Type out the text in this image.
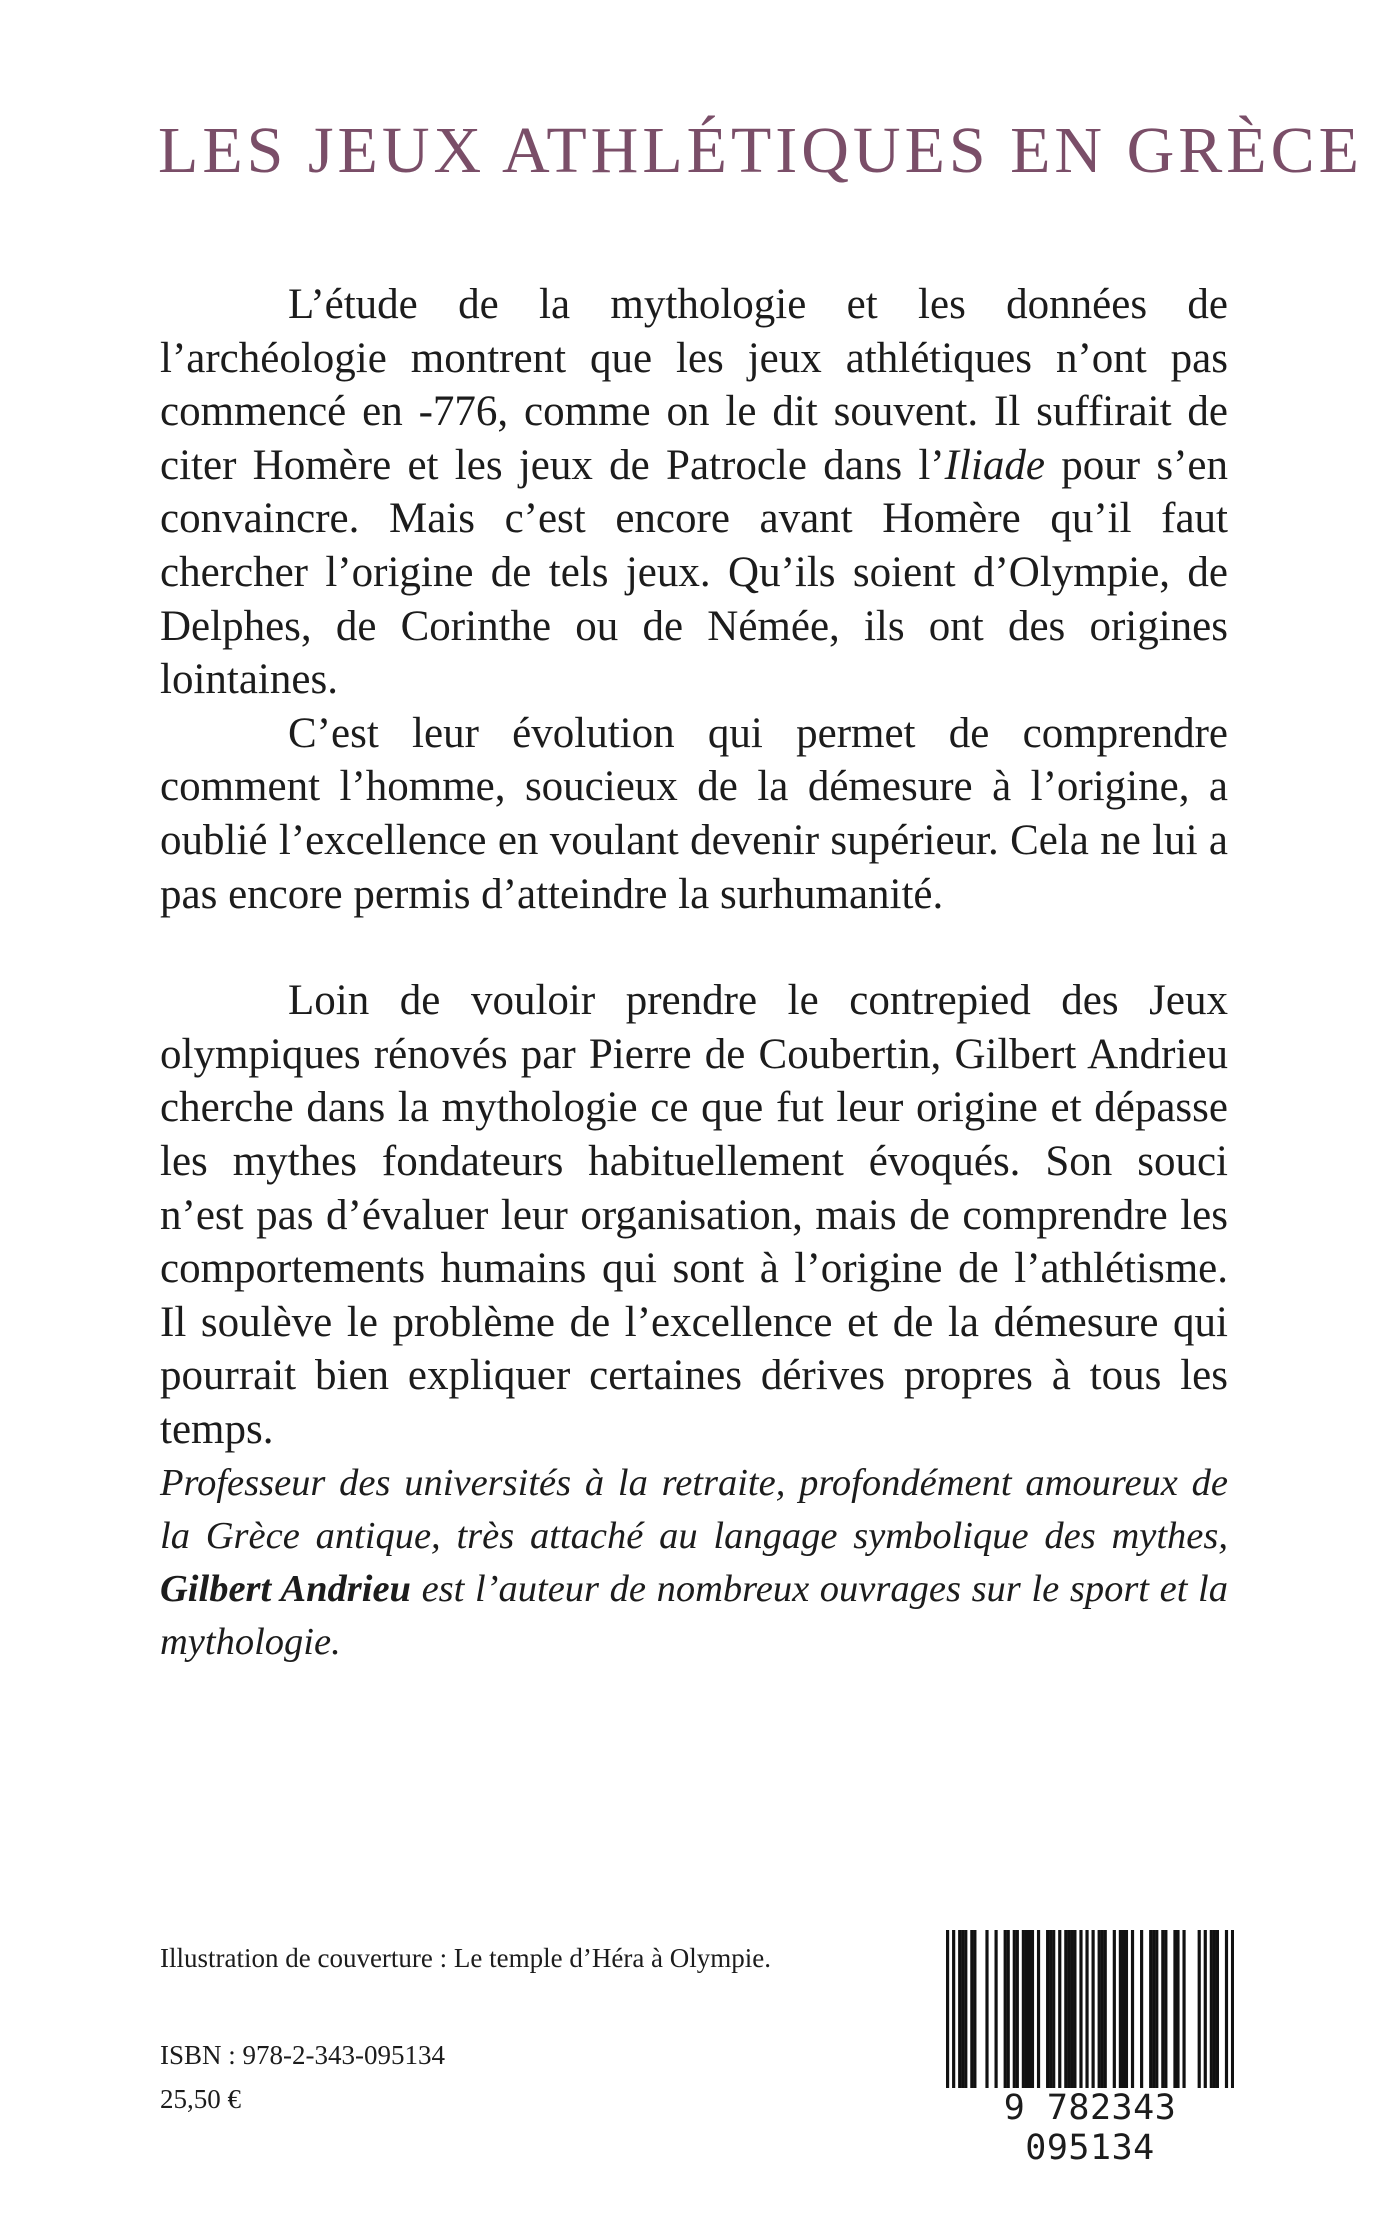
LES JEUX ATHLÉTIQUES EN GRÈCE

L’étude de la mythologie et les données de l’archéologie montrent que les jeux athlétiques n’ont pas commencé en -776, comme on le dit souvent. Il suffirait de citer Homère et les jeux de Patrocle dans l’Iliade pour s’en convaincre. Mais c’est encore avant Homère qu’il faut chercher l’origine de tels jeux. Qu’ils soient d’Olympie, de Delphes, de Corinthe ou de Némée, ils ont des origines lointaines.

C’est leur évolution qui permet de comprendre comment l’homme, soucieux de la démesure à l’origine, a oublié l’excellence en voulant devenir supérieur. Cela ne lui a pas encore permis d’atteindre la surhumanité.

Loin de vouloir prendre le contrepied des Jeux olympiques rénovés par Pierre de Coubertin, Gilbert Andrieu cherche dans la mythologie ce que fut leur origine et dépasse les mythes fondateurs habituellement évoqués. Son souci n’est pas d’évaluer leur organisation, mais de comprendre les comportements humains qui sont à l’origine de l’athlétisme. Il soulève le problème de l’excellence et de la démesure qui pourrait bien expliquer certaines dérives propres à tous les temps.

Professeur des universités à la retraite, profondément amoureux de la Grèce antique, très attaché au langage symbolique des mythes, Gilbert Andrieu est l’auteur de nombreux ouvrages sur le sport et la mythologie.

Illustration de couverture : Le temple d’Héra à Olympie.

ISBN : 978-2-343-095134

25,50 €	9 782343 095134
